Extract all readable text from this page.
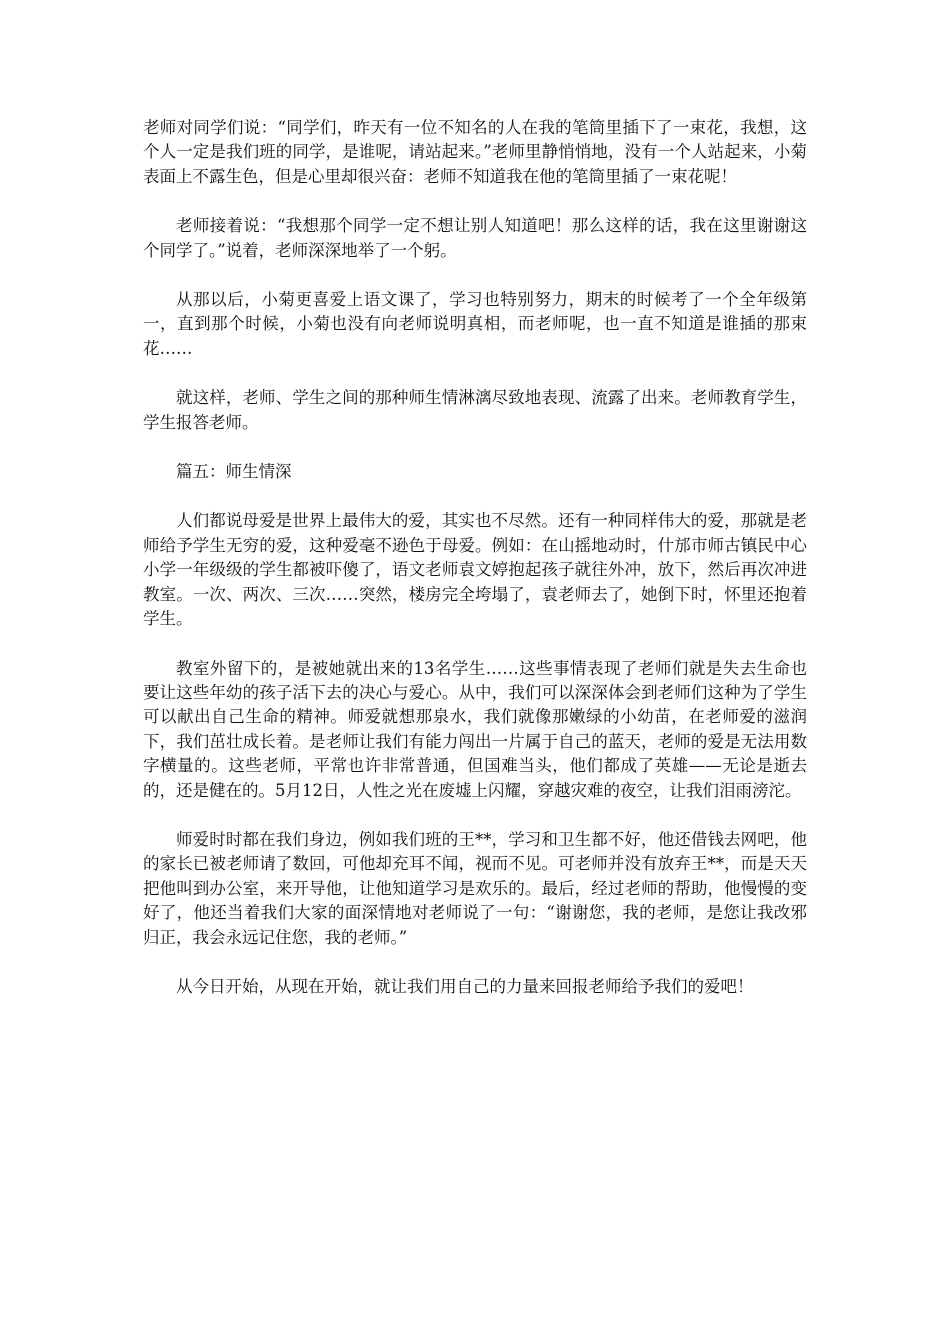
老师对同学们说：“同学们，昨天有一位不知名的人在我的笔筒里插下了一束花，我想，这个人一定是我们班的同学，是谁呢，请站起来。”老师里静悄悄地，没有一个人站起来，小菊表面上不露生色，但是心里却很兴奋：老师不知道我在他的笔筒里插了一束花呢！

老师接着说：“我想那个同学一定不想让别人知道吧！那么这样的话，我在这里谢谢这个同学了。”说着，老师深深地举了一个躬。

从那以后，小菊更喜爱上语文课了，学习也特别努力，期末的时候考了一个全年级第一，直到那个时候，小菊也没有向老师说明真相，而老师呢，也一直不知道是谁插的那束花……

就这样，老师、学生之间的那种师生情淋漓尽致地表现、流露了出来。老师教育学生，学生报答老师。

篇五：师生情深

人们都说母爱是世界上最伟大的爱，其实也不尽然。还有一种同样伟大的爱，那就是老师给予学生无穷的爱，这种爱毫不逊色于母爱。例如：在山摇地动时，什邡市师古镇民中心小学一年级级的学生都被吓傻了，语文老师袁文婷抱起孩子就往外冲，放下，然后再次冲进教室。一次、两次、三次……突然，楼房完全垮塌了，袁老师去了，她倒下时，怀里还抱着学生。

教室外留下的，是被她就出来的13名学生……这些事情表现了老师们就是失去生命也要让这些年幼的孩子活下去的决心与爱心。从中，我们可以深深体会到老师们这种为了学生可以献出自己生命的精神。师爱就想那泉水，我们就像那嫩绿的小幼苗，在老师爱的滋润下，我们茁壮成长着。是老师让我们有能力闯出一片属于自己的蓝天，老师的爱是无法用数字横量的。这些老师，平常也许非常普通，但国难当头，他们都成了英雄——无论是逝去的，还是健在的。5月12日，人性之光在废墟上闪耀，穿越灾难的夜空，让我们泪雨滂沱。

师爱时时都在我们身边，例如我们班的王**，学习和卫生都不好，他还借钱去网吧，他的家长已被老师请了数回，可他却充耳不闻，视而不见。可老师并没有放弃王**，而是天天把他叫到办公室，来开导他，让他知道学习是欢乐的。最后，经过老师的帮助，他慢慢的变好了，他还当着我们大家的面深情地对老师说了一句：“谢谢您，我的老师，是您让我改邪归正，我会永远记住您，我的老师。”

从今日开始，从现在开始，就让我们用自己的力量来回报老师给予我们的爱吧！
